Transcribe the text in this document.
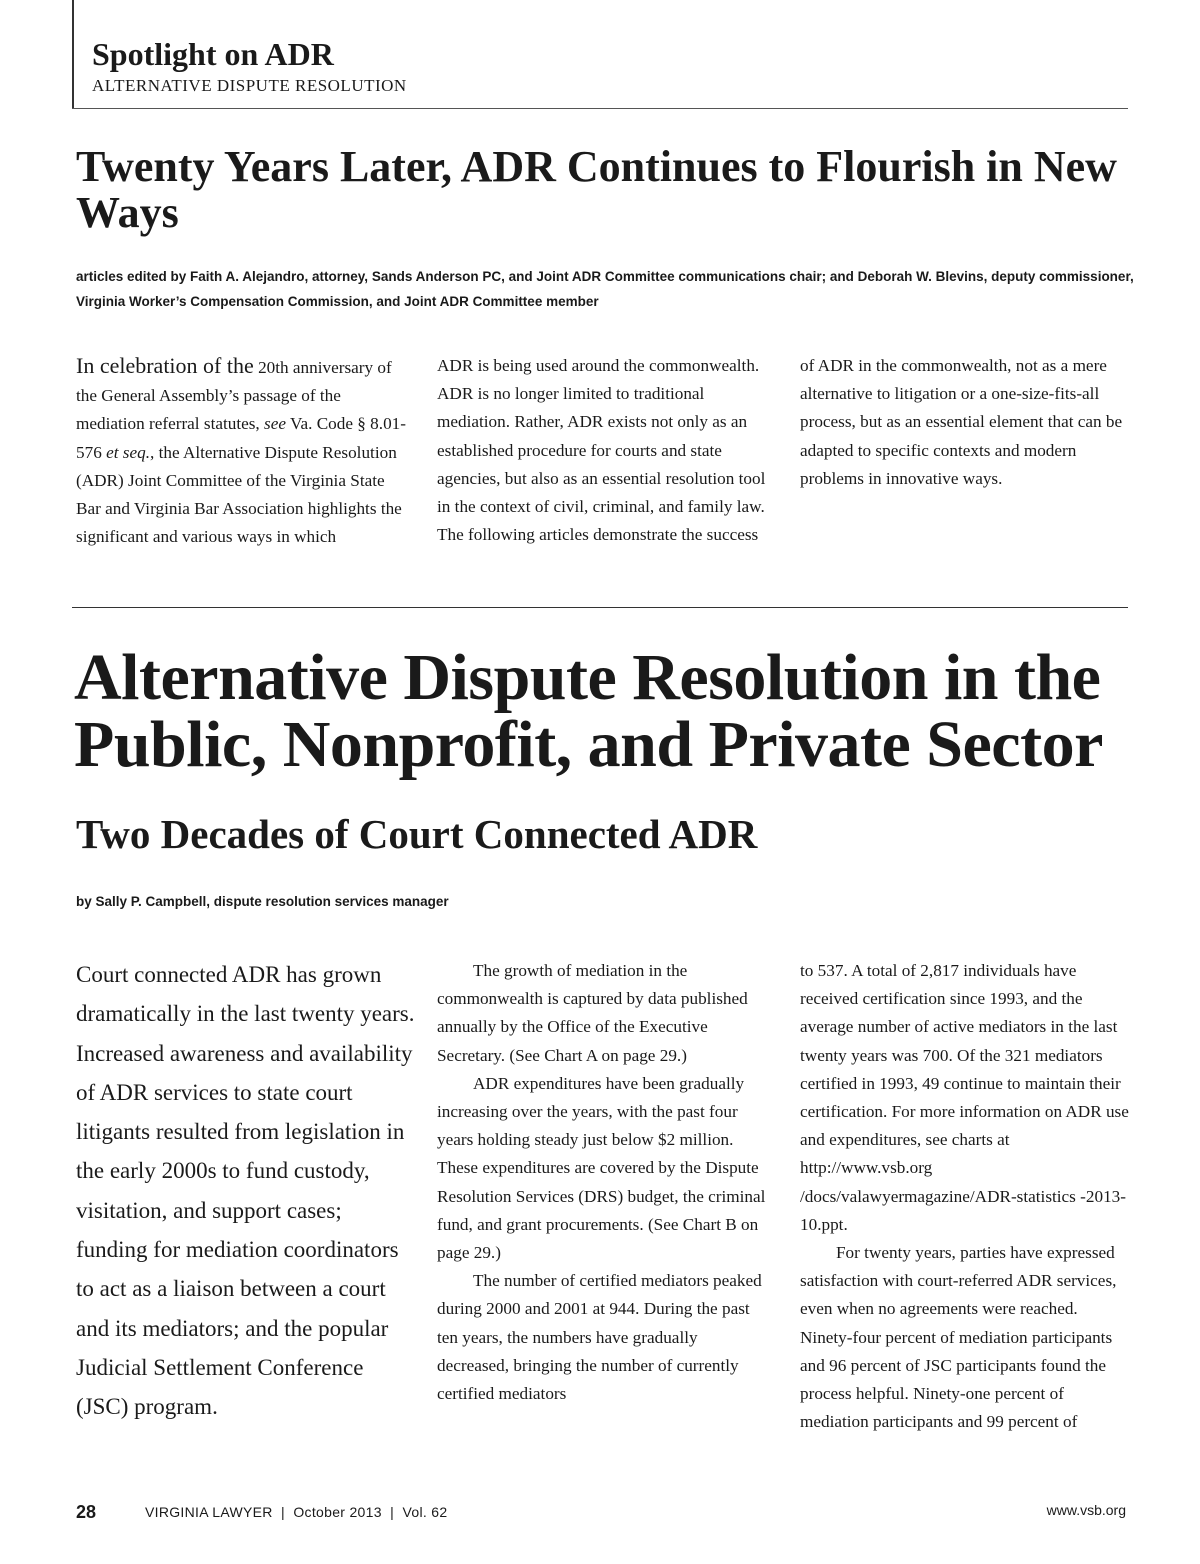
Spotlight on ADR
ALTERNATIVE DISPUTE RESOLUTION
Twenty Years Later, ADR Continues to Flourish in New Ways

articles edited by Faith A. Alejandro, attorney, Sands Anderson PC, and Joint ADR Committee communications chair; and Deborah W. Blevins, deputy commissioner, Virginia Worker’s Compensation Commission, and Joint ADR Committee member

In celebration of the 20th anniversary of the General Assembly’s passage of the mediation referral statutes, see Va. Code § 8.01-576 et seq., the Alternative Dispute Resolution (ADR) Joint Committee of the Virginia State Bar and Virginia Bar Association highlights the significant and various ways in which

ADR is being used around the commonwealth. ADR is no longer limited to traditional mediation. Rather, ADR exists not only as an established procedure for courts and state agencies, but also as an essential resolution tool in the context of civil, criminal, and family law. The following articles demonstrate the success

of ADR in the commonwealth, not as a mere alternative to litigation or a one-size-fits-all process, but as an essential element that can be adapted to specific contexts and modern problems in innovative ways.

Alternative Dispute Resolution in the Public, Nonprofit, and Private Sector
Two Decades of Court Connected ADR

by Sally P. Campbell, dispute resolution services manager

Court connected ADR has grown dramatically in the last twenty years. Increased awareness and availability of ADR services to state court litigants resulted from legislation in the early 2000s to fund custody, visitation, and support cases; funding for mediation coordinators to act as a liaison between a court and its mediators; and the popular Judicial Settlement Conference (JSC) program.

The growth of mediation in the commonwealth is captured by data published annually by the Office of the Executive Secretary. (See Chart A on page 29.)

ADR expenditures have been gradually increasing over the years, with the past four years holding steady just below $2 million. These expenditures are covered by the Dispute Resolution Services (DRS) budget, the criminal fund, and grant procurements. (See Chart B on page 29.)

The number of certified mediators peaked during 2000 and 2001 at 944. During the past ten years, the numbers have gradually decreased, bringing the number of currently certified mediators

to 537. A total of 2,817 individuals have received certification since 1993, and the average number of active mediators in the last twenty years was 700. Of the 321 mediators certified in 1993, 49 continue to maintain their certification. For more information on ADR use and expenditures, see charts at http://www.vsb.org /docs/valawyermagazine/ADR-statistics -2013-10.ppt.

For twenty years, parties have expressed satisfaction with court-referred ADR services, even when no agreements were reached. Ninety-four percent of mediation participants and 96 percent of JSC participants found the process helpful. Ninety-one percent of mediation participants and 99 percent of

28	VIRGINIA LAWYER  |  October 2013  |  Vol. 62	www.vsb.org
